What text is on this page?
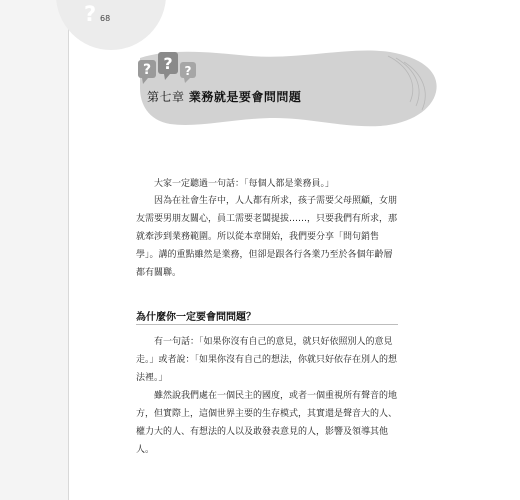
? 68
? ? ?
第七章 業務就是要會問問題

大家一定聽過一句話：「每個人都是業務員。」

因為在社會生存中，人人都有所求，孩子需要父母照顧，女朋友需要男朋友關心，員工需要老闆提拔……，只要我們有所求，那就牽涉到業務範圍。所以從本章開始，我們要分享「問句銷售學」。講的重點雖然是業務，但卻是跟各行各業乃至於各個年齡層都有關聯。

為什麼你一定要會問問題？

有一句話：「如果你沒有自己的意見，就只好依照別人的意見走。」或者說：「如果你沒有自己的想法，你就只好依存在別人的想法裡。」

雖然說我們處在一個民主的國度，或者一個重視所有聲音的地方，但實際上，這個世界主要的生存模式，其實還是聲音大的人、權力大的人、有想法的人以及敢發表意見的人，影響及領導其他人。
